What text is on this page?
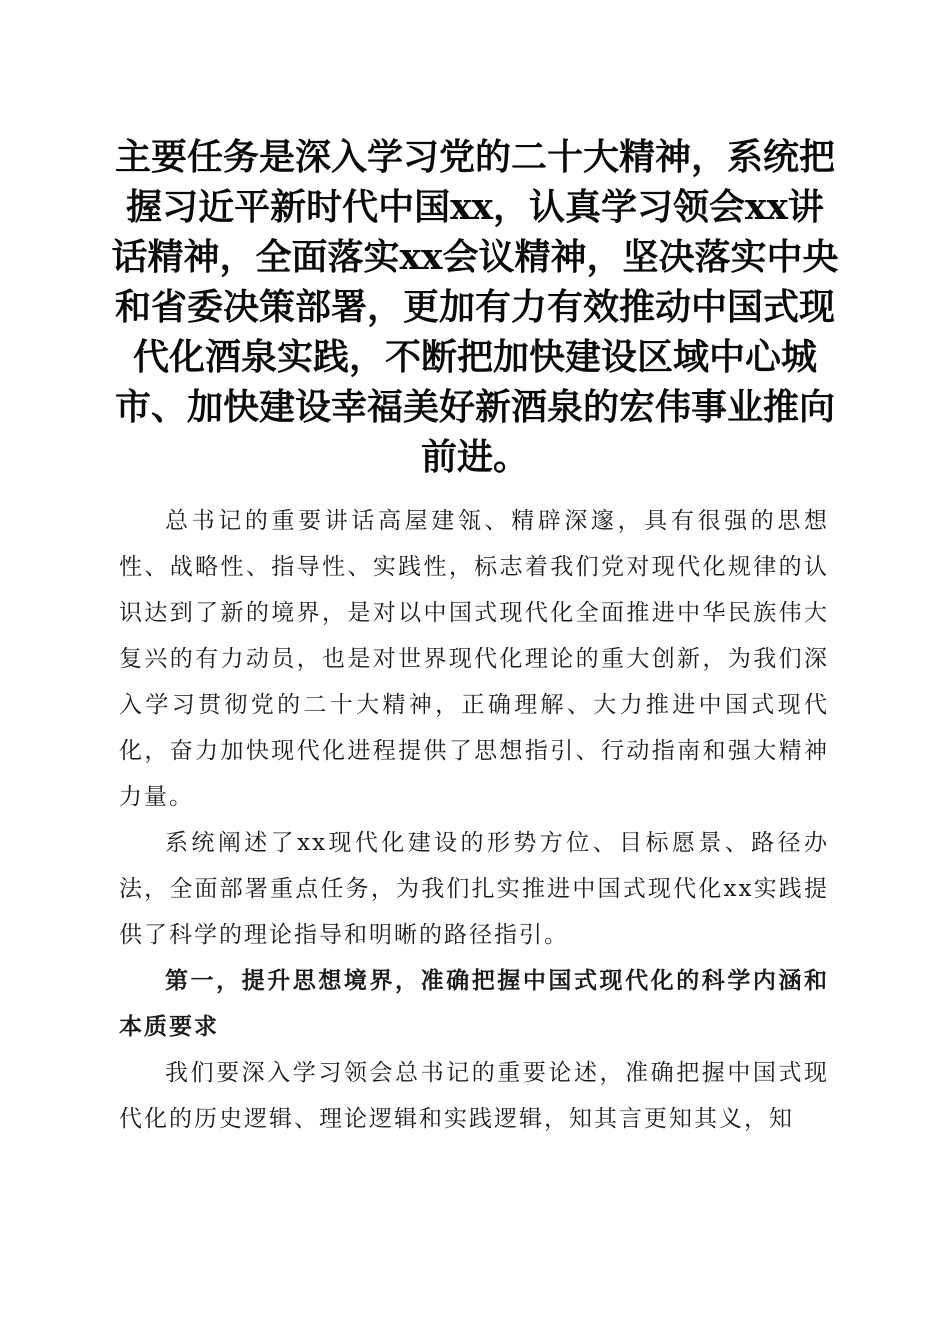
主要任务是深入学习党的二十大精神，系统把握习近平新时代中国xx，认真学习领会xx讲话精神，全面落实xx会议精神，坚决落实中央和省委决策部署，更加有力有效推动中国式现代化酒泉实践，不断把加快建设区域中心城市、加快建设幸福美好新酒泉的宏伟事业推向前进。

总书记的重要讲话高屋建瓴、精辟深邃，具有很强的思想性、战略性、指导性、实践性，标志着我们党对现代化规律的认识达到了新的境界，是对以中国式现代化全面推进中华民族伟大复兴的有力动员，也是对世界现代化理论的重大创新，为我们深入学习贯彻党的二十大精神，正确理解、大力推进中国式现代化，奋力加快现代化进程提供了思想指引、行动指南和强大精神力量。

系统阐述了xx现代化建设的形势方位、目标愿景、路径办法，全面部署重点任务，为我们扎实推进中国式现代化xx实践提供了科学的理论指导和明晰的路径指引。

第一，提升思想境界，准确把握中国式现代化的科学内涵和本质要求

我们要深入学习领会总书记的重要论述，准确把握中国式现代化的历史逻辑、理论逻辑和实践逻辑，知其言更知其义，知
